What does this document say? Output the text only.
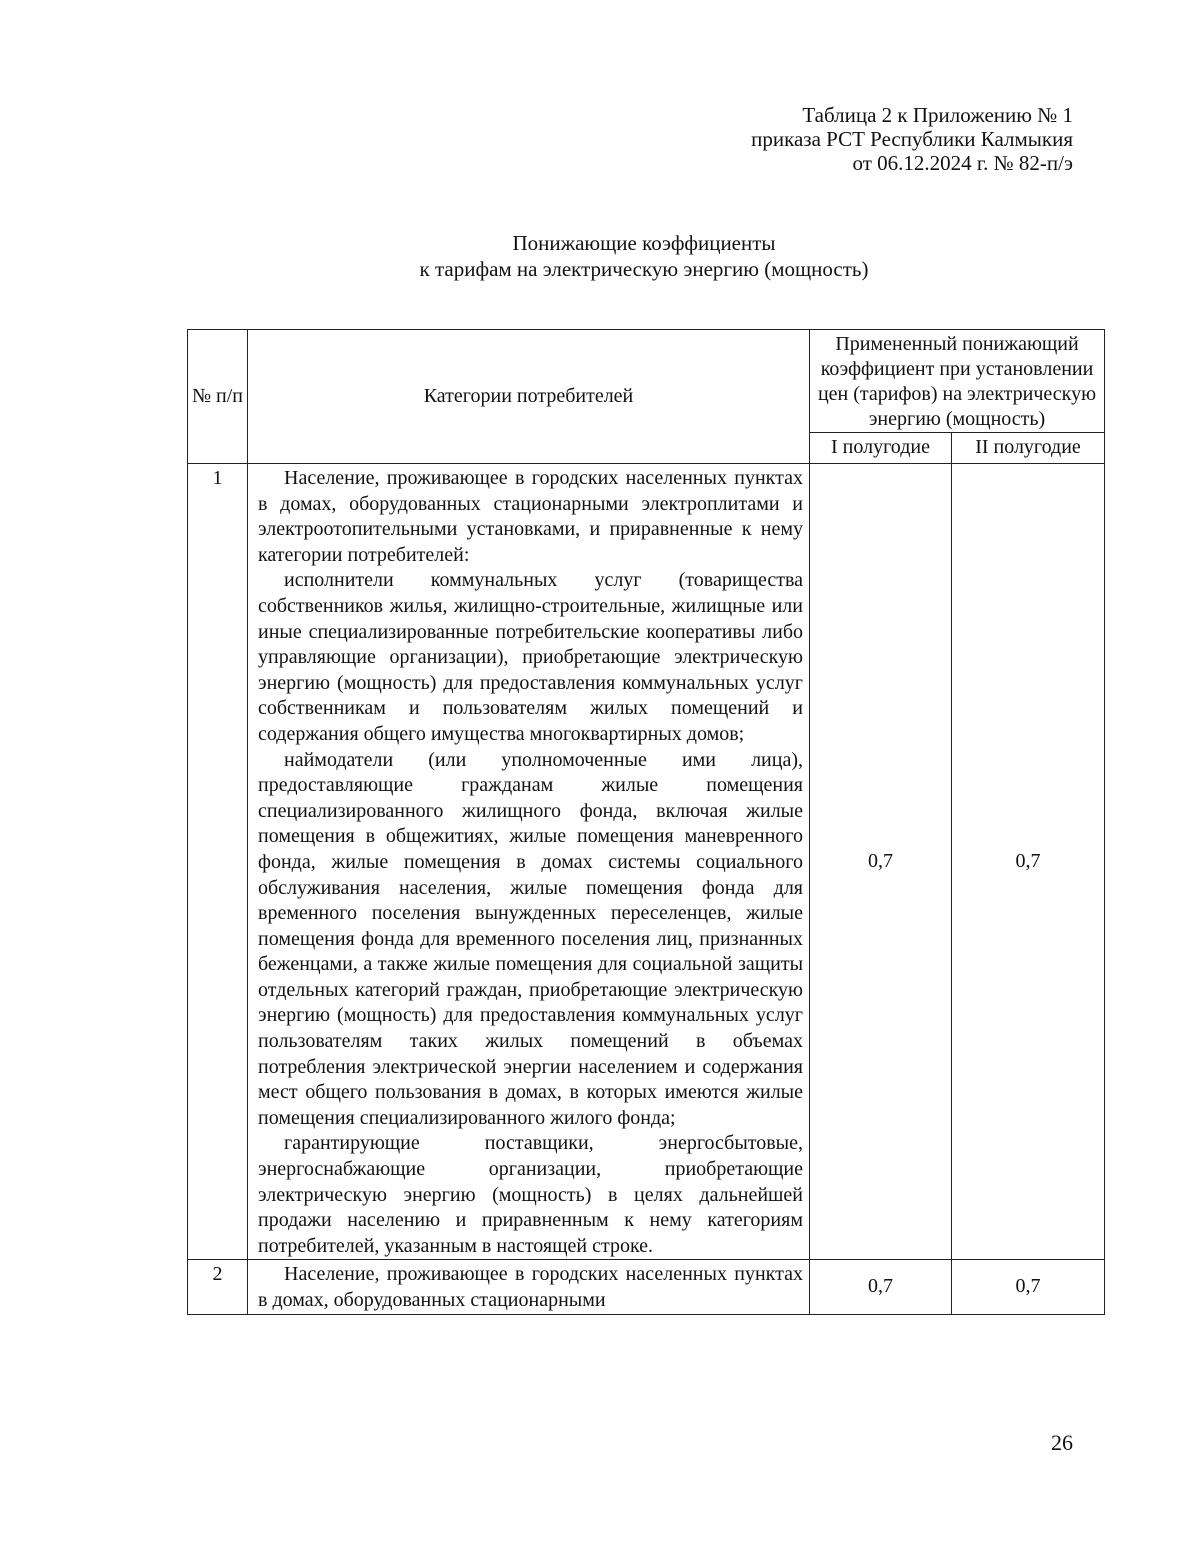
Таблица 2 к Приложению № 1
приказа РСТ Республики Калмыкия
от 06.12.2024 г. № 82-п/э
Понижающие коэффициенты
к тарифам на электрическую энергию (мощность)
№ п/п	Категории потребителей	Примененный понижающий коэффициент при установлении цен (тарифов) на электрическую энергию (мощность)	
		I полугодие	II полугодие
1	Население, проживающее в городских населенных пунктах в домах, оборудованных стационарными электроплитами и электроотопительными установками, и приравненные к нему категории потребителей:

исполнители коммунальных услуг (товарищества собственников жилья, жилищно-строительные, жилищные или иные специализированные потребительские кооперативы либо управляющие организации), приобретающие электрическую энергию (мощность) для предоставления коммунальных услуг собственникам и пользователям жилых помещений и содержания общего имущества многоквартирных домов;

наймодатели (или уполномоченные ими лица), предоставляющие гражданам жилые помещения специализированного жилищного фонда, включая жилые помещения в общежитиях, жилые помещения маневренного фонда, жилые помещения в домах системы социального обслуживания населения, жилые помещения фонда для временного поселения вынужденных переселенцев, жилые помещения фонда для временного поселения лиц, признанных беженцами, а также жилые помещения для социальной защиты отдельных категорий граждан, приобретающие электрическую энергию (мощность) для предоставления коммунальных услуг пользователям таких жилых помещений в объемах потребления электрической энергии населением и содержания мест общего пользования в домах, в которых имеются жилые помещения специализированного жилого фонда;

гарантирующие поставщики, энергосбытовые, энергоснабжающие организации, приобретающие электрическую энергию (мощность) в целях дальнейшей продажи населению и приравненным к нему категориям потребителей, указанным в настоящей строке.	0,7	0,7
2	Население, проживающее в городских населенных пунктах в домах, оборудованных стационарными	0,7	0,7
26
